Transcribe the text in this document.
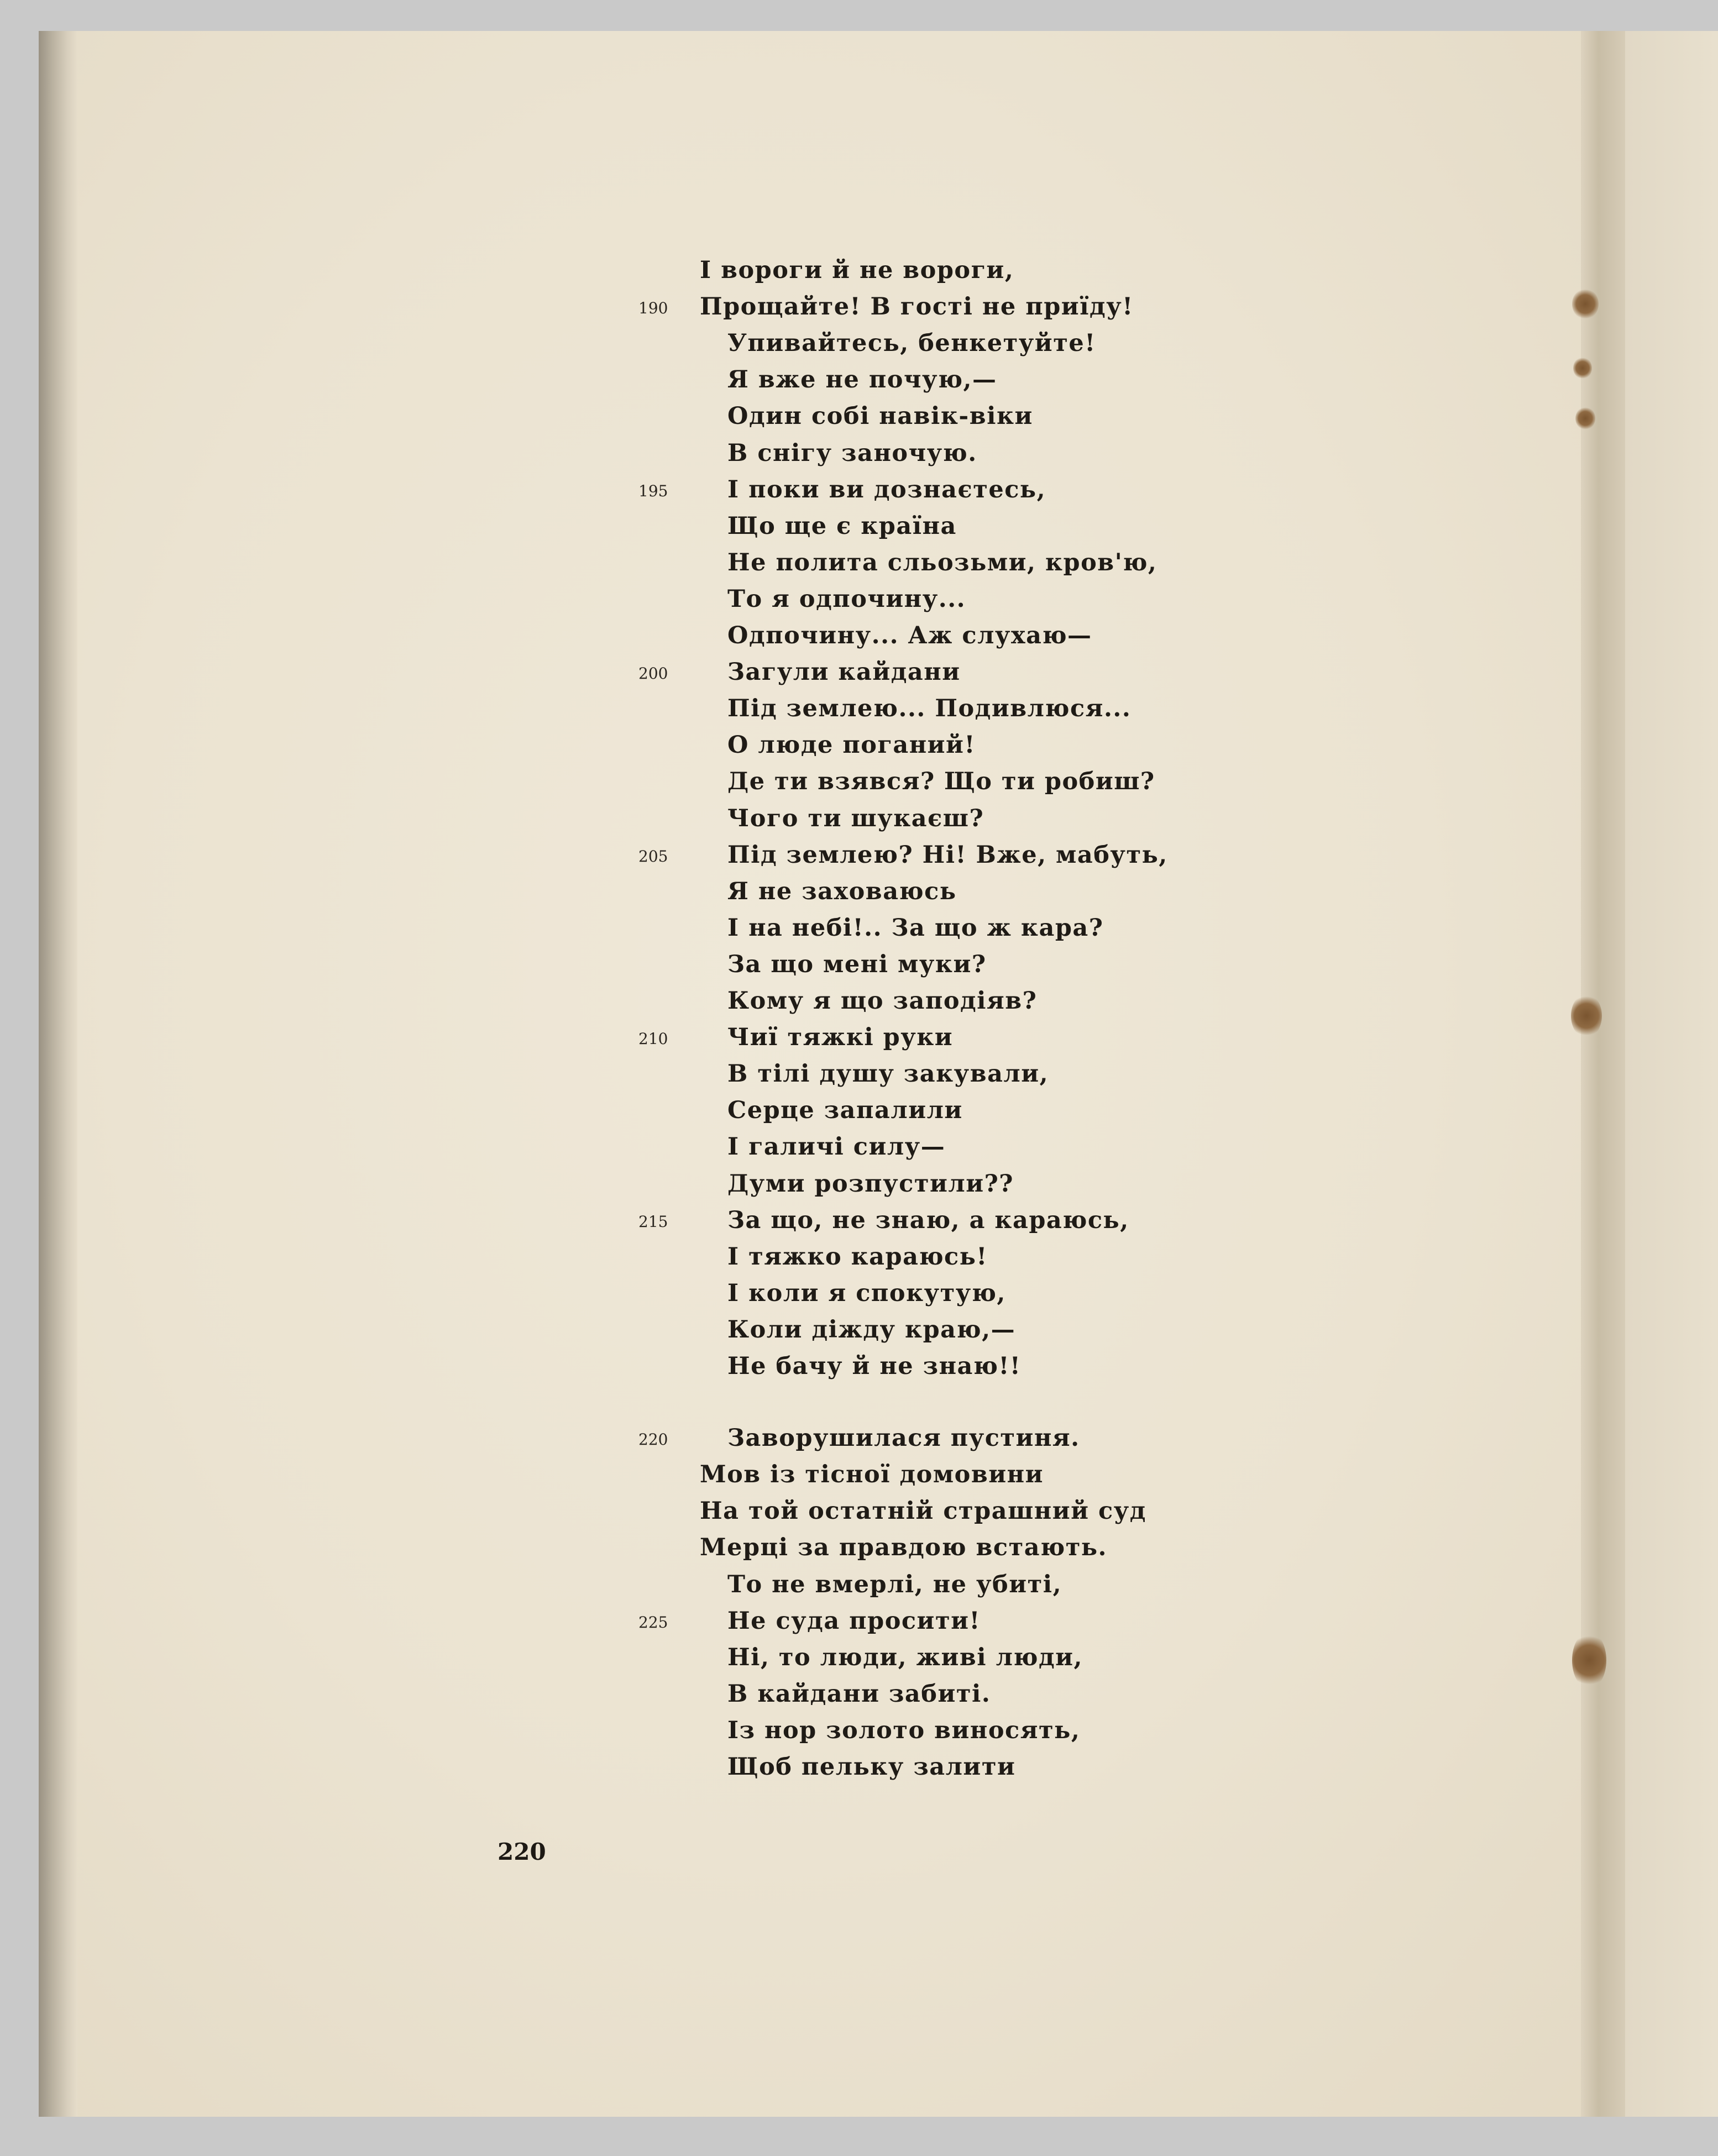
І вороги й не вороги,
Прощайте! В гості не приїду!
190
Упивайтесь, бенкетуйте!
Я вже не почую,—
Один собі навік-віки
В снігу заночую.
І поки ви дознаєтесь,
195
Що ще є країна
Не полита сльозьми, кров'ю,
То я одпочину...
Одпочину... Аж слухаю—
Загули кайдани
200
Під землею... Подивлюся...
О люде поганий!
Де ти взявся? Що ти робиш?
Чого ти шукаєш?
Під землею? Ні! Вже, мабуть,
205
Я не заховаюсь
І на небі!.. За що ж кара?
За що мені муки?
Кому я що заподіяв?
Чиї тяжкі руки
210
В тілі душу закували,
Серце запалили
І галичі силу—
Думи розпустили??
За що, не знаю, а караюсь,
215
І тяжко караюсь!
І коли я спокутую,
Коли дiжду краю,—
Не бачу й не знаю!!
Заворушилася пустиня.
220
Мов із тісної домовини
На той остатній страшний суд
Мерці за правдою встають.
То не вмерлі, не убиті,
Не суда просити!
225
Ні, то люди, живі люди,
В кайдани забиті.
Із нор золото виносять,
Щоб пельку залити
220
